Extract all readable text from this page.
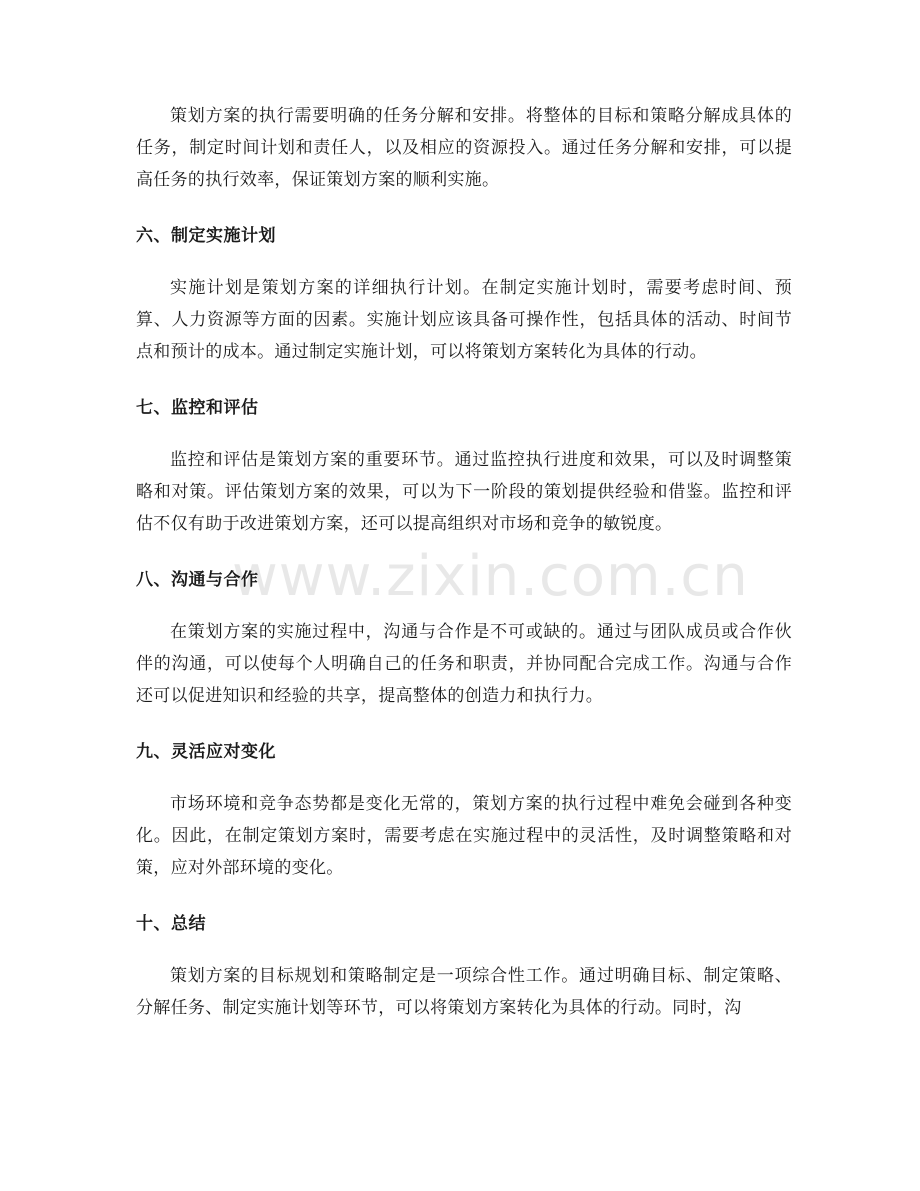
www.zixin.com.cn

策划方案的执行需要明确的任务分解和安排。将整体的目标和策略分解成具体的任务，制定时间计划和责任人，以及相应的资源投入。通过任务分解和安排，可以提高任务的执行效率，保证策划方案的顺利实施。

六、制定实施计划

实施计划是策划方案的详细执行计划。在制定实施计划时，需要考虑时间、预算、人力资源等方面的因素。实施计划应该具备可操作性，包括具体的活动、时间节点和预计的成本。通过制定实施计划，可以将策划方案转化为具体的行动。

七、监控和评估

监控和评估是策划方案的重要环节。通过监控执行进度和效果，可以及时调整策略和对策。评估策划方案的效果，可以为下一阶段的策划提供经验和借鉴。监控和评估不仅有助于改进策划方案，还可以提高组织对市场和竞争的敏锐度。

八、沟通与合作

在策划方案的实施过程中，沟通与合作是不可或缺的。通过与团队成员或合作伙伴的沟通，可以使每个人明确自己的任务和职责，并协同配合完成工作。沟通与合作还可以促进知识和经验的共享，提高整体的创造力和执行力。

九、灵活应对变化

市场环境和竞争态势都是变化无常的，策划方案的执行过程中难免会碰到各种变化。因此，在制定策划方案时，需要考虑在实施过程中的灵活性，及时调整策略和对策，应对外部环境的变化。

十、总结

策划方案的目标规划和策略制定是一项综合性工作。通过明确目标、制定策略、分解任务、制定实施计划等环节，可以将策划方案转化为具体的行动。同时，沟
